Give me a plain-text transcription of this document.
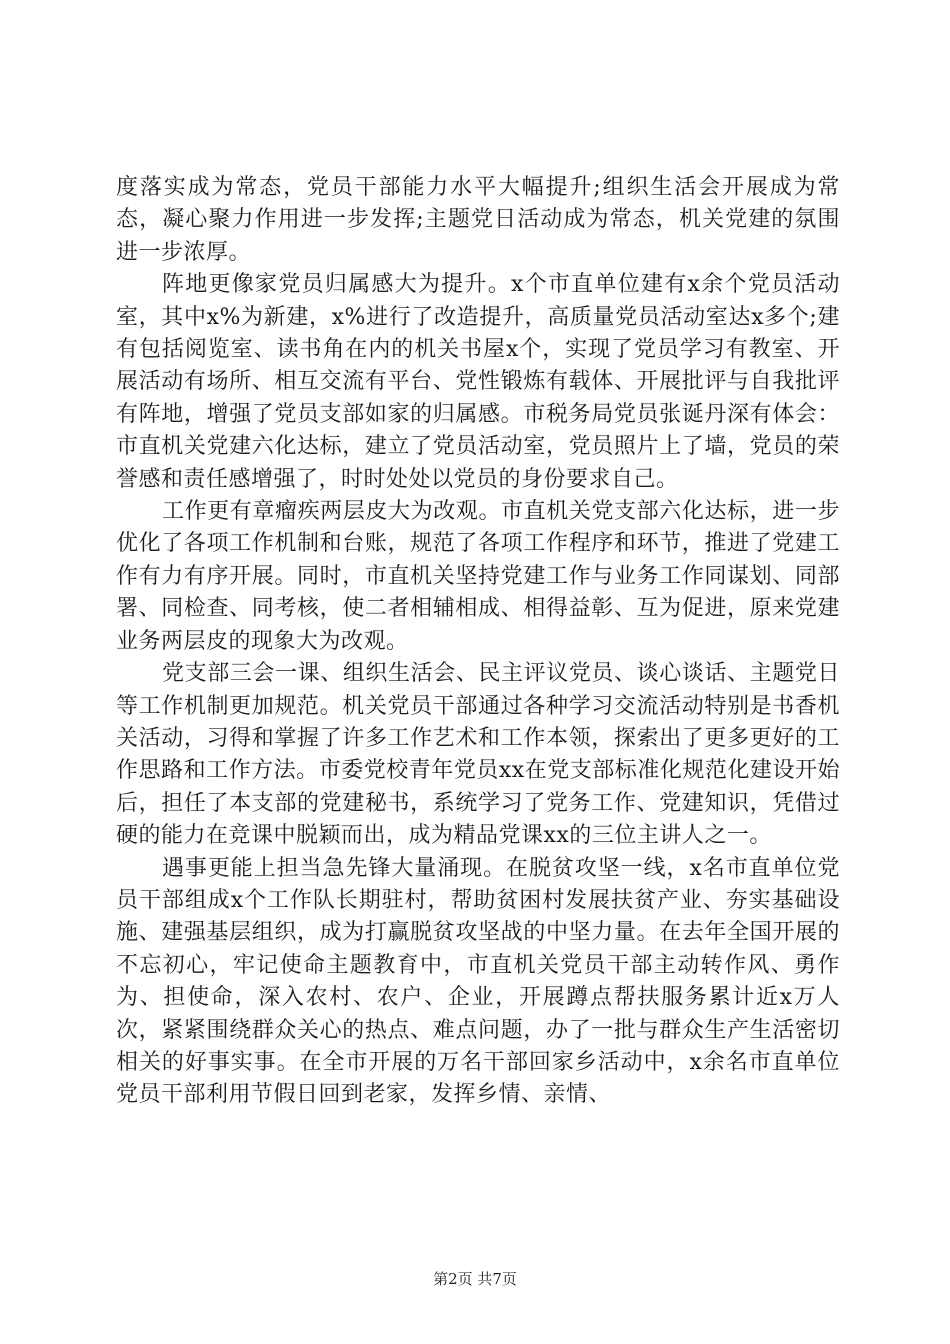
度落实成为常态，党员干部能力水平大幅提升;组织生活会开展成为常态，凝心聚力作用进一步发挥;主题党日活动成为常态，机关党建的氛围进一步浓厚。

阵地更像家党员归属感大为提升。x个市直单位建有x余个党员活动室，其中x%为新建，x%进行了改造提升，高质量党员活动室达x多个;建有包括阅览室、读书角在内的机关书屋x个，实现了党员学习有教室、开展活动有场所、相互交流有平台、党性锻炼有载体、开展批评与自我批评有阵地，增强了党员支部如家的归属感。市税务局党员张诞丹深有体会：市直机关党建六化达标，建立了党员活动室，党员照片上了墙，党员的荣誉感和责任感增强了，时时处处以党员的身份要求自己。

工作更有章瘤疾两层皮大为改观。市直机关党支部六化达标，进一步优化了各项工作机制和台账，规范了各项工作程序和环节，推进了党建工作有力有序开展。同时，市直机关坚持党建工作与业务工作同谋划、同部署、同检查、同考核，使二者相辅相成、相得益彰、互为促进，原来党建业务两层皮的现象大为改观。

党支部三会一课、组织生活会、民主评议党员、谈心谈话、主题党日等工作机制更加规范。机关党员干部通过各种学习交流活动特别是书香机关活动，习得和掌握了许多工作艺术和工作本领，探索出了更多更好的工作思路和工作方法。市委党校青年党员xx在党支部标准化规范化建设开始后，担任了本支部的党建秘书，系统学习了党务工作、党建知识，凭借过硬的能力在竞课中脱颖而出，成为精品党课xx的三位主讲人之一。

遇事更能上担当急先锋大量涌现。在脱贫攻坚一线，x名市直单位党员干部组成x个工作队长期驻村，帮助贫困村发展扶贫产业、夯实基础设施、建强基层组织，成为打赢脱贫攻坚战的中坚力量。在去年全国开展的不忘初心，牢记使命主题教育中，市直机关党员干部主动转作风、勇作为、担使命，深入农村、农户、企业，开展蹲点帮扶服务累计近x万人次，紧紧围绕群众关心的热点、难点问题，办了一批与群众生产生活密切相关的好事实事。在全市开展的万名干部回家乡活动中，x余名市直单位党员干部利用节假日回到老家，发挥乡情、亲情、

第2页 共7页
